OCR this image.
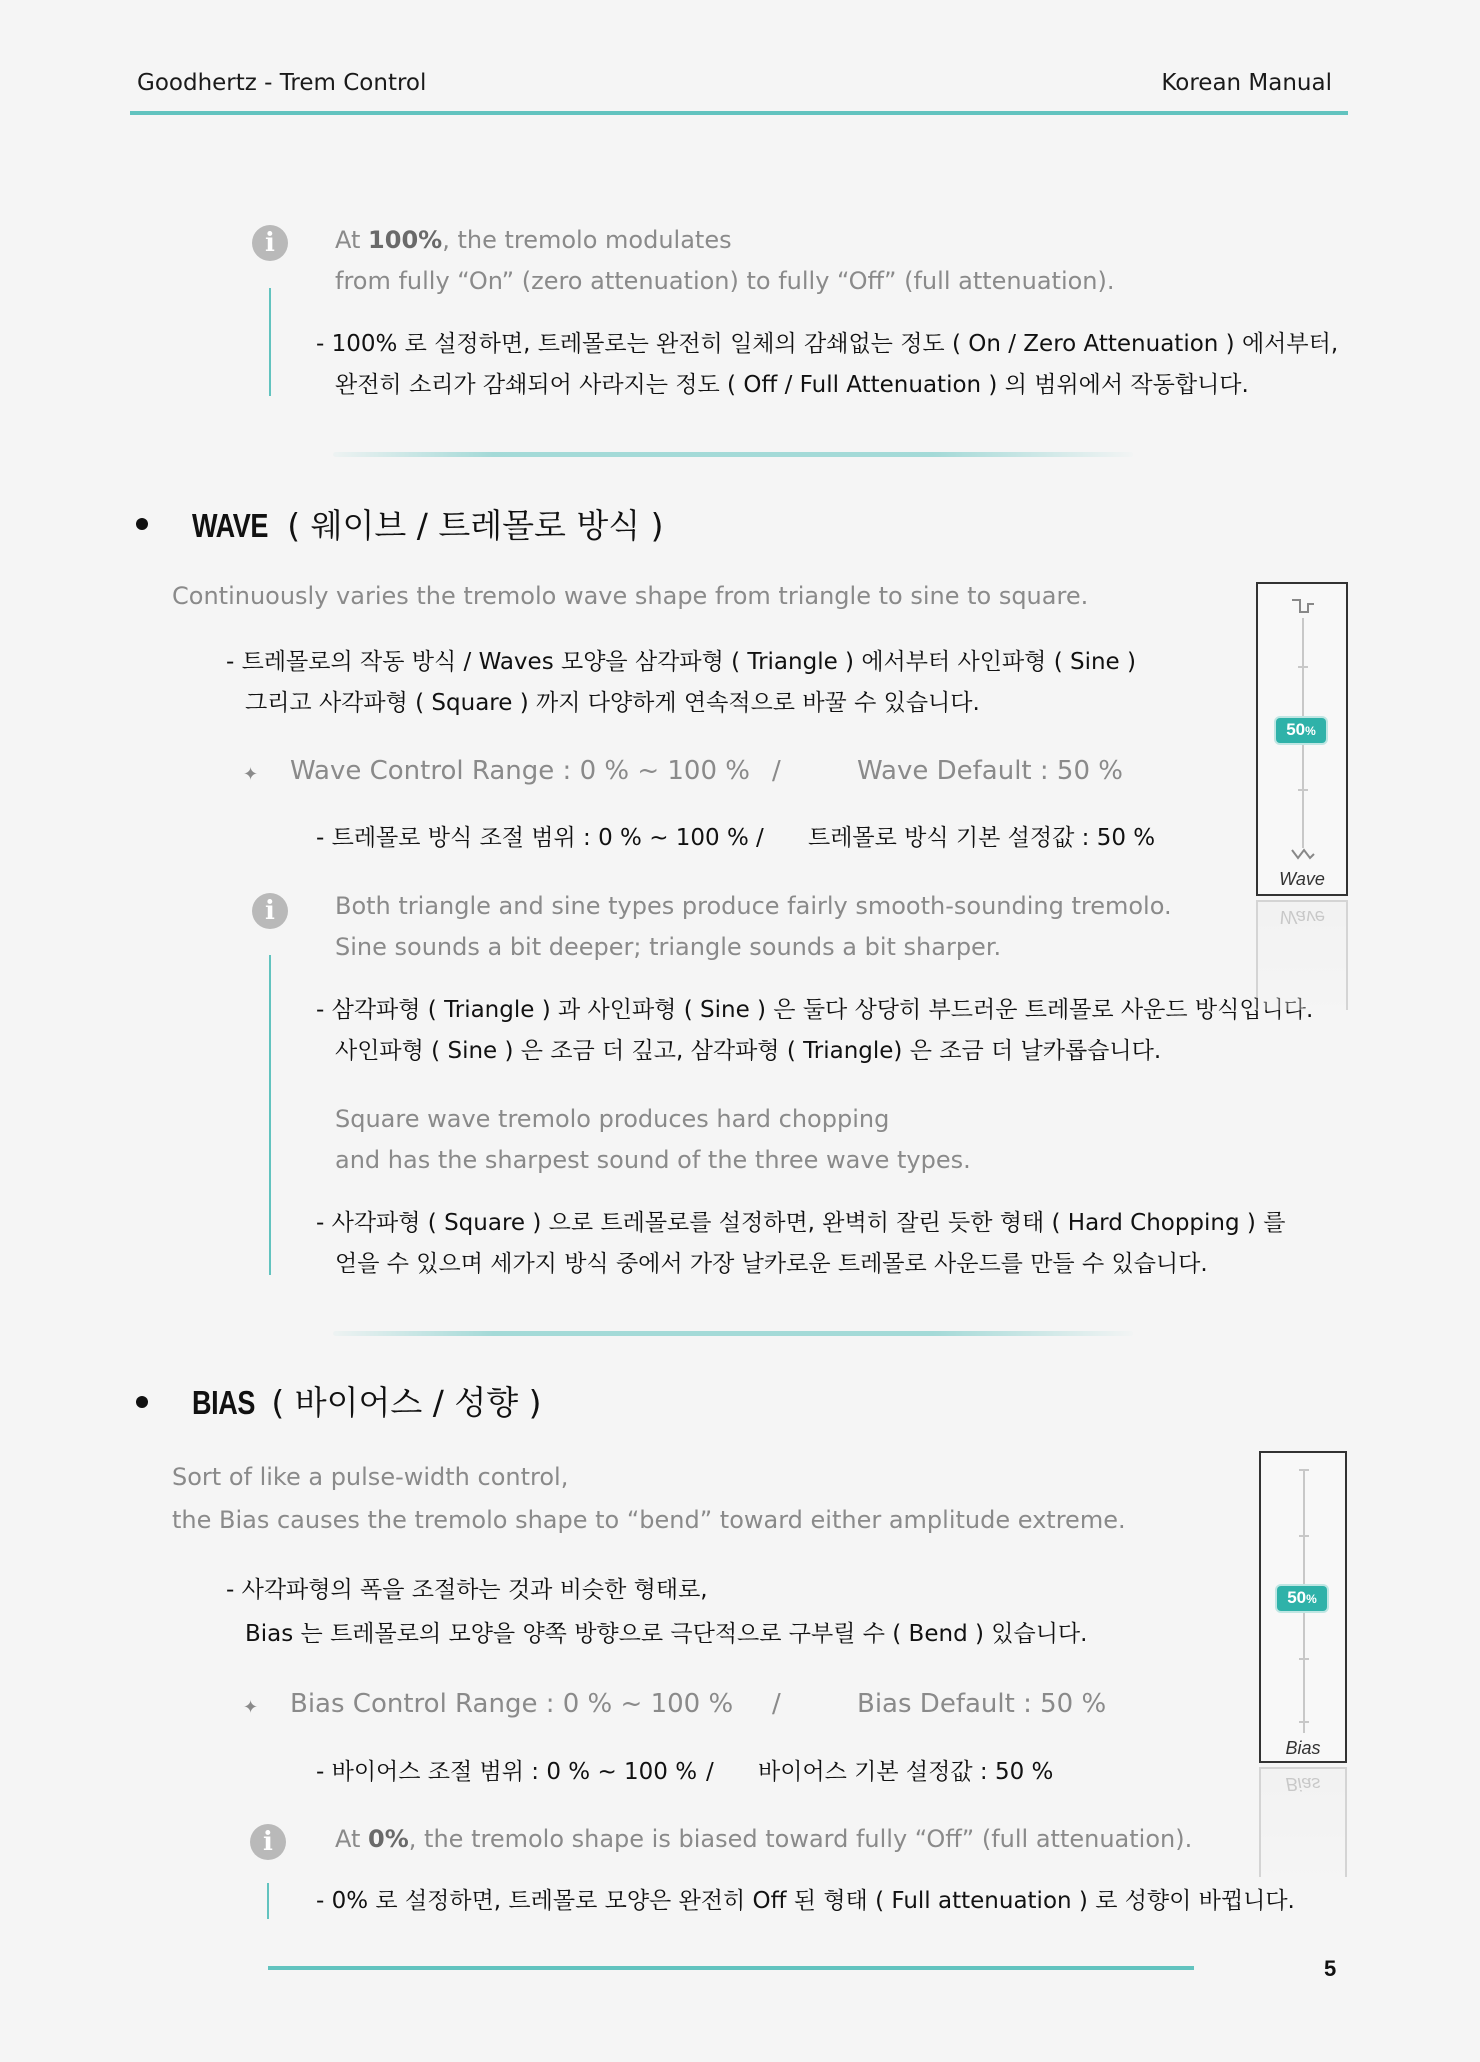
Goodhertz - Trem Control	Korean Manual
i	At 100%, the tremolo modulates
from fully “On” (zero attenuation) to fully “Off” (full attenuation).
- 100% 로 설정하면, 트레몰로는 완전히 일체의 감쇄없는 정도 ( On / Zero Attenuation ) 에서부터,
완전히 소리가 감쇄되어 사라지는 정도 ( Off / Full Attenuation ) 의 범위에서 작동합니다.
WAVE ( 웨이브 / 트레몰로 방식 )
Continuously varies the tremolo wave shape from triangle to sine to square.
- 트레몰로의 작동 방식 / Waves 모양을 삼각파형 ( Triangle ) 에서부터 사인파형 ( Sine )
그리고 사각파형 ( Square ) 까지 다양하게 연속적으로 바꿀 수 있습니다.
✦ Wave Control Range : 0 % ~ 100 % /	Wave Default : 50 %
- 트레몰로 방식 조절 범위 : 0 % ~ 100 % / 트레몰로 방식 기본 설정값 : 50 %
i	Both triangle and sine types produce fairly smooth-sounding tremolo.
Sine sounds a bit deeper; triangle sounds a bit sharper.
- 삼각파형 ( Triangle ) 과 사인파형 ( Sine ) 은 둘다 상당히 부드러운 트레몰로 사운드 방식입니다.
사인파형 ( Sine ) 은 조금 더 깊고, 삼각파형 ( Triangle) 은 조금 더 날카롭습니다.
Square wave tremolo produces hard chopping
and has the sharpest sound of the three wave types.
- 사각파형 ( Square ) 으로 트레몰로를 설정하면, 완벽히 잘린 듯한 형태 ( Hard Chopping ) 를
얻을 수 있으며 세가지 방식 중에서 가장 날카로운 트레몰로 사운드를 만들 수 있습니다.
50%
Wave
Wave
BIAS ( 바이어스 / 성향 )
Sort of like a pulse-width control,
the Bias causes the tremolo shape to “bend” toward either amplitude extreme.
- 사각파형의 폭을 조절하는 것과 비슷한 형태로,
Bias 는 트레몰로의 모양을 양쪽 방향으로 극단적으로 구부릴 수 ( Bend ) 있습니다.
✦ Bias Control Range : 0 % ~ 100 % /	Bias Default : 50 %
- 바이어스 조절 범위 : 0 % ~ 100 % / 바이어스 기본 설정값 : 50 %
i	At 0%, the tremolo shape is biased toward fully “Off” (full attenuation).
- 0% 로 설정하면, 트레몰로 모양은 완전히 Off 된 형태 ( Full attenuation ) 로 성향이 바뀝니다.
50%
Bias
Bias
5
